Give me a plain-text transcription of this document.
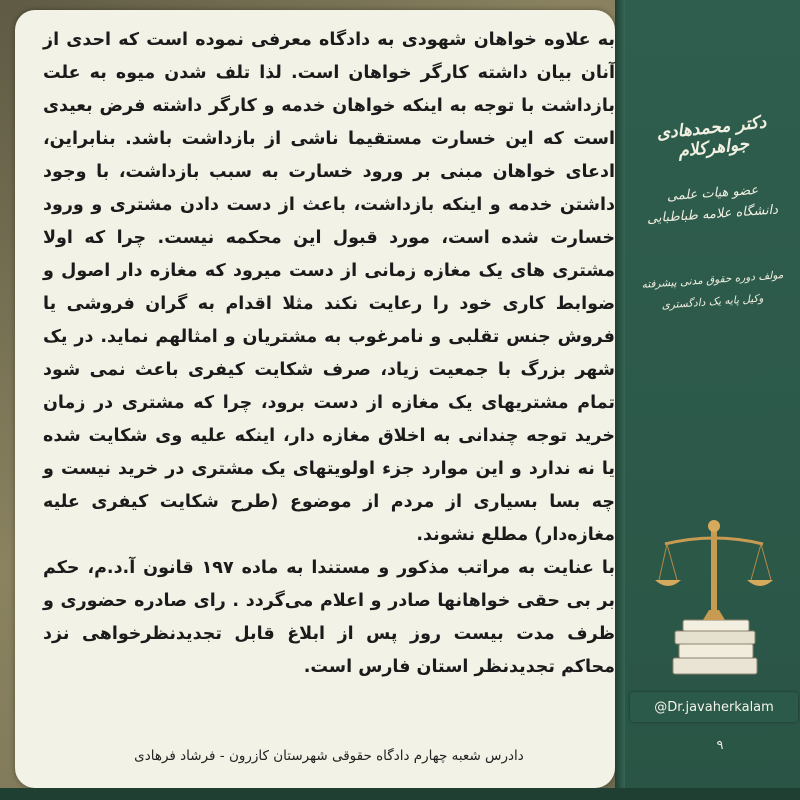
به علاوه خواهان شهودی به دادگاه معرفی نموده است که احدی از آنان بیان داشته کارگر خواهان است. لذا تلف شدن میوه به علت بازداشت با توجه به اینکه خواهان خدمه و کارگر داشته فرض بعیدی است که این خسارت مستقیما ناشی از بازداشت باشد. بنابراین، ادعای خواهان مبنی بر ورود خسارت به سبب بازداشت، با وجود داشتن خدمه و اینکه بازداشت، باعث از دست دادن مشتری و ورود خسارت شده است، مورد قبول این محکمه نیست. چرا که اولا مشتری های یک مغازه زمانی از دست میرود که مغازه دار اصول و ضوابط کاری خود را رعایت نکند مثلا اقدام به گران فروشی یا فروش جنس تقلبی و نامرغوب به مشتریان و امثالهم نماید. در یک شهر بزرگ با جمعیت زیاد، صرف شکایت کیفری باعث نمی شود تمام مشتریهای یک مغازه از دست برود، چرا که مشتری در زمان خرید توجه چندانی به اخلاق مغازه دار، اینکه علیه وی شکایت شده یا نه ندارد و این موارد جزء اولویتهای یک مشتری در خرید نیست و چه بسا بسیاری از مردم از موضوع (طرح شکایت کیفری علیه مغازه‌دار) مطلع نشوند.

با عنایت به مراتب مذکور و مستندا به ماده ۱۹۷ قانون آ.د.م، حکم بر بی حقی خواهانها صادر و اعلام می‌گردد . رای صادره حضوری و ظرف مدت بیست روز پس از ابلاغ قابل تجدیدنظرخواهی نزد محاکم تجدیدنظر استان فارس است.

دادرس شعبه چهارم دادگاه حقوقی شهرستان کازرون - فرشاد فرهادی
دکتر محمدهادی جواهرکلام
عضو هیات علمی
دانشگاه علامه طباطبایی
مولف دوره حقوق مدنی پیشرفته
وکیل پایه یک دادگستری
@Dr.javaherkalam
۹
